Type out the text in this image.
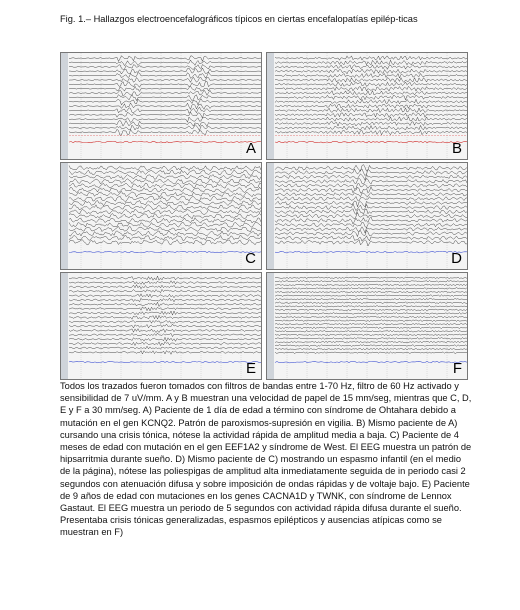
Fig. 1.– Hallazgos electroencefalográficos típicos en ciertas encefalopatías epilép-ticas
A	B
C	D
E	F
Todos los trazados fueron tomados con filtros de bandas entre 1-70 Hz, filtro de 60 Hz activado y sensibilidad de 7 uV/mm. A y B muestran una velocidad de papel de 15 mm/seg, mientras que C, D, E y F a 30 mm/seg. A) Paciente de 1 día de edad a término con síndrome de Ohtahara debido a mutación en el gen KCNQ2. Patrón de paroxismos-supresión en vigilia. B) Mismo paciente de A) cursando una crisis tónica, nótese la actividad rápida de amplitud media a baja. C) Paciente de 4 meses de edad con mutación en el gen EEF1A2 y síndrome de West. El EEG muestra un patrón de hipsarritmia durante sueño. D) Mismo paciente de C) mostrando un espasmo infantil (en el medio de la página), nótese las poliespigas de amplitud alta inmediatamente seguida de in periodo casi 2 segundos con atenuación difusa y sobre imposición de ondas rápidas y de voltaje bajo. E) Paciente de 9 años de edad con mutaciones en los genes CACNA1D y TWNK, con síndrome de Lennox Gastaut. El EEG muestra un periodo de 5 segundos con actividad rápida difusa durante el sueño. Presentaba crisis tónicas generalizadas, espasmos epilépticos y ausencias atípicas como se muestran en F)
